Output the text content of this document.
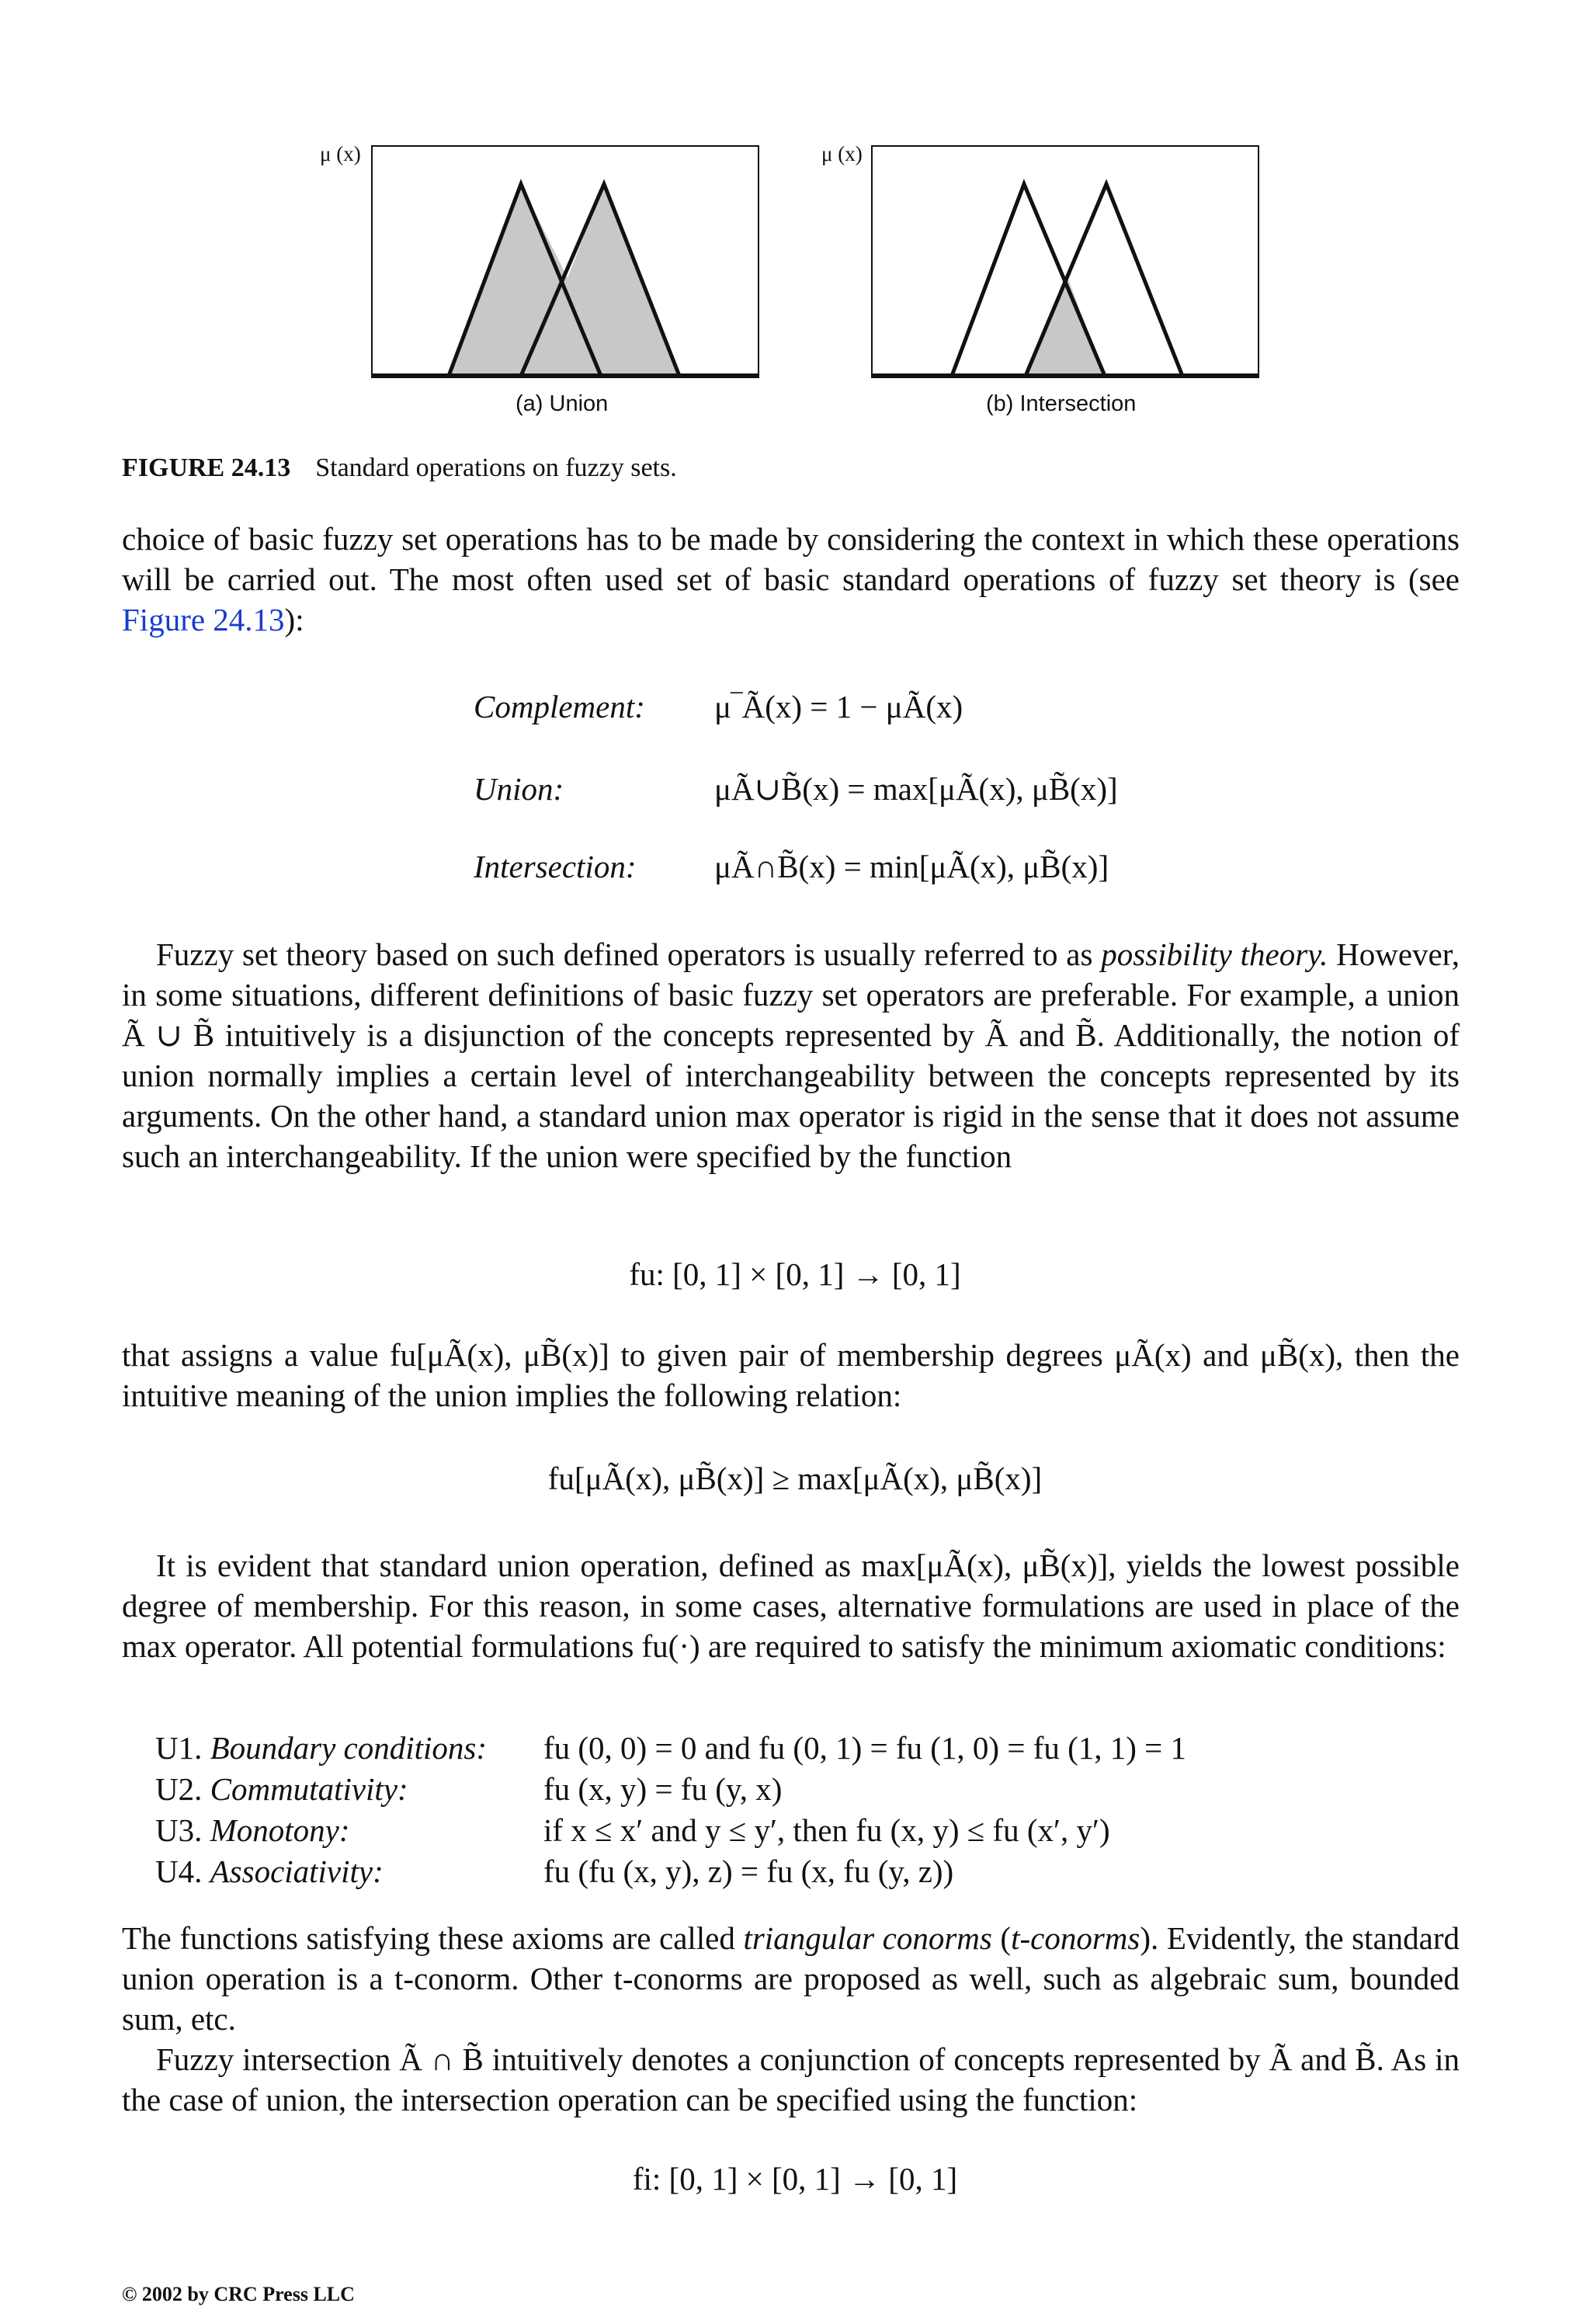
μ (x)	μ (x)
(a) Union	(b) Intersection
FIGURE 24.13 Standard operations on fuzzy sets.
choice of basic fuzzy set operations has to be made by considering the context in which these operations will be carried out. The most often used set of basic standard operations of fuzzy set theory is (see Figure 24.13):
Complement: μ‾Ã(x) = 1 − μÃ(x)
Union:	μÃ∪B̃(x) = max[μÃ(x), μB̃(x)]
Intersection: μÃ∩B̃(x) = min[μÃ(x), μB̃(x)]
Fuzzy set theory based on such defined operators is usually referred to as possibility theory. However, in some situations, different definitions of basic fuzzy set operators are preferable. For example, a union Ã ∪ B̃ intuitively is a disjunction of the concepts represented by Ã and B̃. Additionally, the notion of union normally implies a certain level of interchangeability between the concepts represented by its arguments. On the other hand, a standard union max operator is rigid in the sense that it does not assume such an interchangeability. If the union were specified by the function
fu: [0, 1] × [0, 1] → [0, 1]
that assigns a value fu[μÃ(x), μB̃(x)] to given pair of membership degrees μÃ(x) and μB̃(x), then the intuitive meaning of the union implies the following relation:
fu[μÃ(x), μB̃(x)] ≥ max[μÃ(x), μB̃(x)]
It is evident that standard union operation, defined as max[μÃ(x), μB̃(x)], yields the lowest possible degree of membership. For this reason, in some cases, alternative formulations are used in place of the max operator. All potential formulations fu(·) are required to satisfy the minimum axiomatic conditions:
U1. Boundary conditions: fu (0, 0) = 0 and fu (0, 1) = fu (1, 0) = fu (1, 1) = 1
U2. Commutativity:	fu (x, y) = fu (y, x)
U3. Monotony:	if x ≤ x′ and y ≤ y′, then fu (x, y) ≤ fu (x′, y′)
U4. Associativity:	fu (fu (x, y), z) = fu (x, fu (y, z))
The functions satisfying these axioms are called triangular conorms (t-conorms). Evidently, the standard union operation is a t-conorm. Other t-conorms are proposed as well, such as algebraic sum, bounded sum, etc.
Fuzzy intersection Ã ∩ B̃ intuitively denotes a conjunction of concepts represented by Ã and B̃. As in the case of union, the intersection operation can be specified using the function:
fi: [0, 1] × [0, 1] → [0, 1]
© 2002 by CRC Press LLC
